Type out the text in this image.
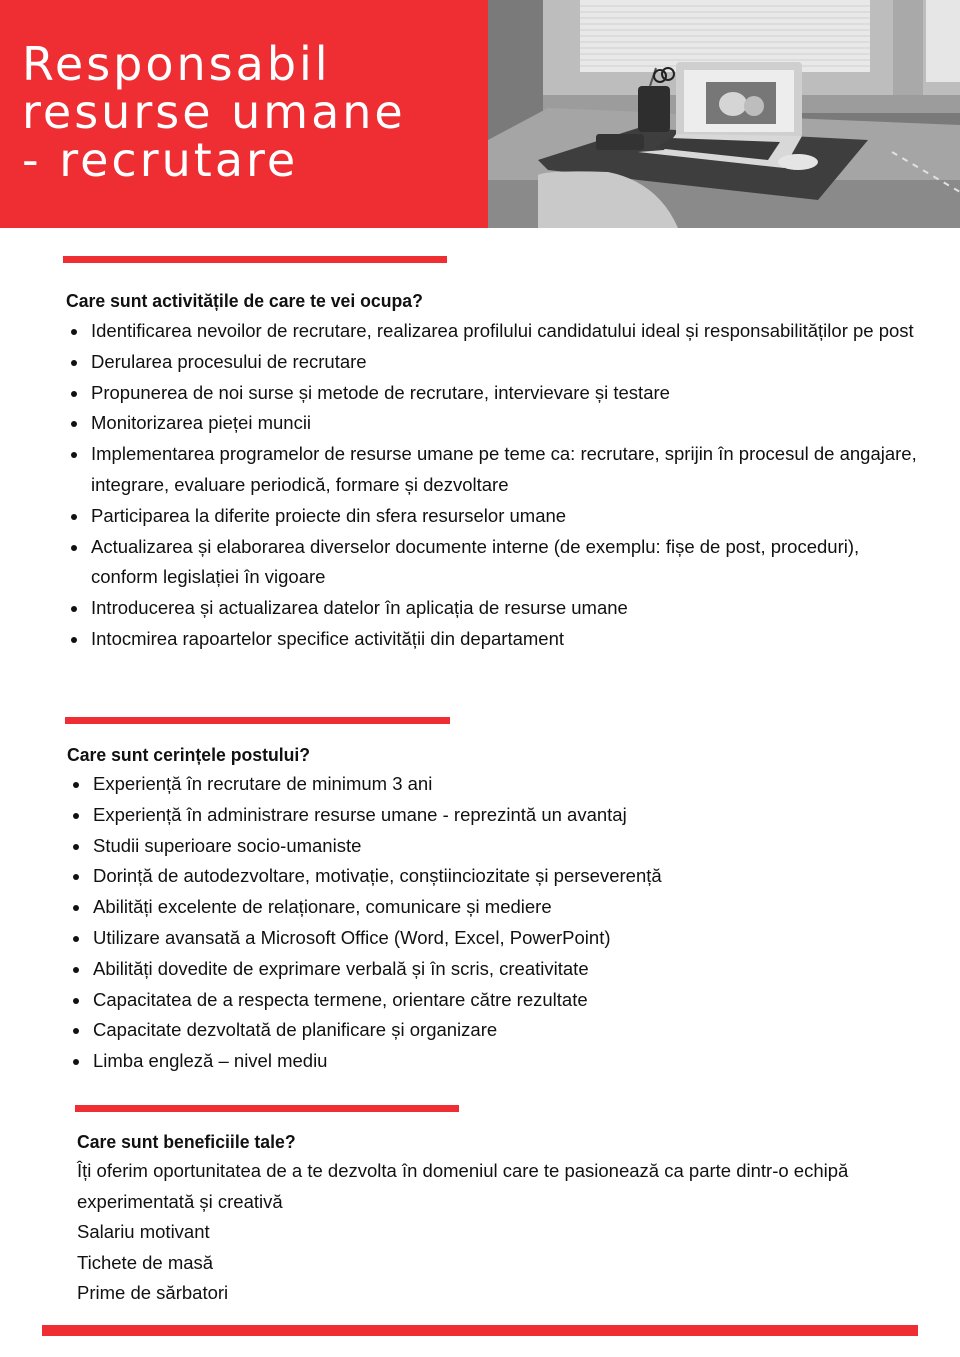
Responsabil
resurse umane
- recrutare
Care sunt activitățile de care te vei ocupa?
Identificarea nevoilor de recrutare, realizarea profilului candidatului ideal și responsabilităților pe post
Derularea procesului de recrutare
Propunerea de noi surse și metode de recrutare, intervievare și testare
Monitorizarea pieței muncii
Implementarea programelor de resurse umane pe teme ca: recrutare, sprijin în procesul de angajare, integrare, evaluare periodică, formare și dezvoltare
Participarea la diferite proiecte din sfera resurselor umane
Actualizarea și elaborarea diverselor documente interne (de exemplu: fișe de post, proceduri), conform legislației în vigoare
Introducerea și actualizarea datelor în aplicația de resurse umane
Intocmirea rapoartelor specifice activității din departament
Care sunt cerințele postului?
Experiență în recrutare de minimum 3 ani
Experiență în administrare resurse umane - reprezintă un avantaj
Studii superioare socio-umaniste
Dorință de autodezvoltare, motivație, conștiinciozitate și perseverență
Abilități excelente de relaționare, comunicare și mediere
Utilizare avansată a Microsoft Office (Word, Excel, PowerPoint)
Abilități dovedite de exprimare verbală și în scris, creativitate
Capacitatea de a respecta termene, orientare către rezultate
Capacitate dezvoltată de planificare și organizare
Limba engleză – nivel mediu
Care sunt beneficiile tale?
Îți oferim oportunitatea de a te dezvolta în domeniul care te pasionează ca parte dintr-o echipă experimentată și creativă
Salariu motivant
Tichete de masă
Prime de sărbatori
